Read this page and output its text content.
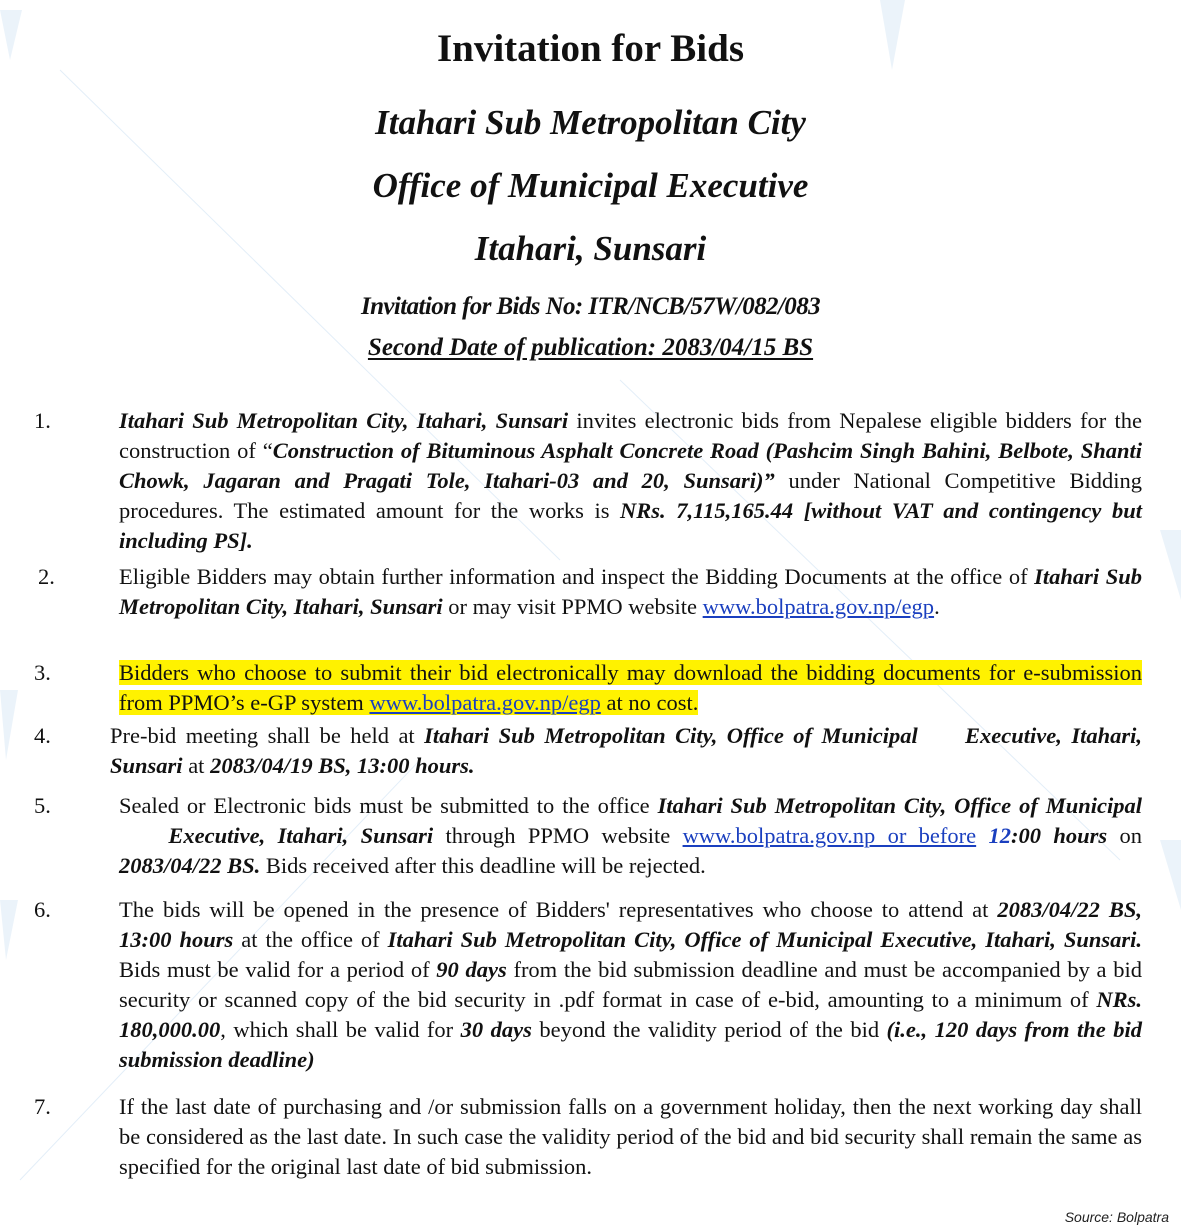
Invitation for Bids
Itahari Sub Metropolitan City
Office of Municipal Executive
Itahari, Sunsari
Invitation for Bids No: ITR/NCB/57W/082/083
Second Date of publication: 2083/04/15 BS
1.	Itahari Sub Metropolitan City, Itahari, Sunsari invites electronic bids from Nepalese eligible bidders for the construction of “Construction of Bituminous Asphalt Concrete Road (Pashcim Singh Bahini, Belbote, Shanti Chowk, Jagaran and Pragati Tole, Itahari-03 and 20, Sunsari)” under National Competitive Bidding procedures. The estimated amount for the works is NRs. 7,115,165.44 [without VAT and contingency but including PS].

2.	Eligible Bidders may obtain further information and inspect the Bidding Documents at the office of Itahari Sub Metropolitan City, Itahari, Sunsari or may visit PPMO website www.bolpatra.gov.np/egp.

3.	Bidders who choose to submit their bid electronically may download the bidding documents for e-submission from PPMO’s e-GP system www.bolpatra.gov.np/egp at no cost.

4.	Pre-bid meeting shall be held at Itahari Sub Metropolitan City, Office of Municipal     Executive, Itahari, Sunsari at 2083/04/19 BS, 13:00 hours.

5.	Sealed or Electronic bids must be submitted to the office Itahari Sub Metropolitan City, Office of Municipal     Executive, Itahari, Sunsari through PPMO website www.bolpatra.gov.np or before 12:00 hours on 2083/04/22 BS. Bids received after this deadline will be rejected.

6.	The bids will be opened in the presence of Bidders' representatives who choose to attend at 2083/04/22 BS, 13:00 hours at the office of Itahari Sub Metropolitan City, Office of Municipal Executive, Itahari, Sunsari. Bids must be valid for a period of 90 days from the bid submission deadline and must be accompanied by a bid security or scanned copy of the bid security in .pdf format in case of e-bid, amounting to a minimum of NRs. 180,000.00, which shall be valid for 30 days beyond the validity period of the bid (i.e., 120 days from the bid submission deadline)

7.	If the last date of purchasing and /or submission falls on a government holiday, then the next working day shall be considered as the last date. In such case the validity period of the bid and bid security shall remain the same as specified for the original last date of bid submission.

Source: Bolpatra
